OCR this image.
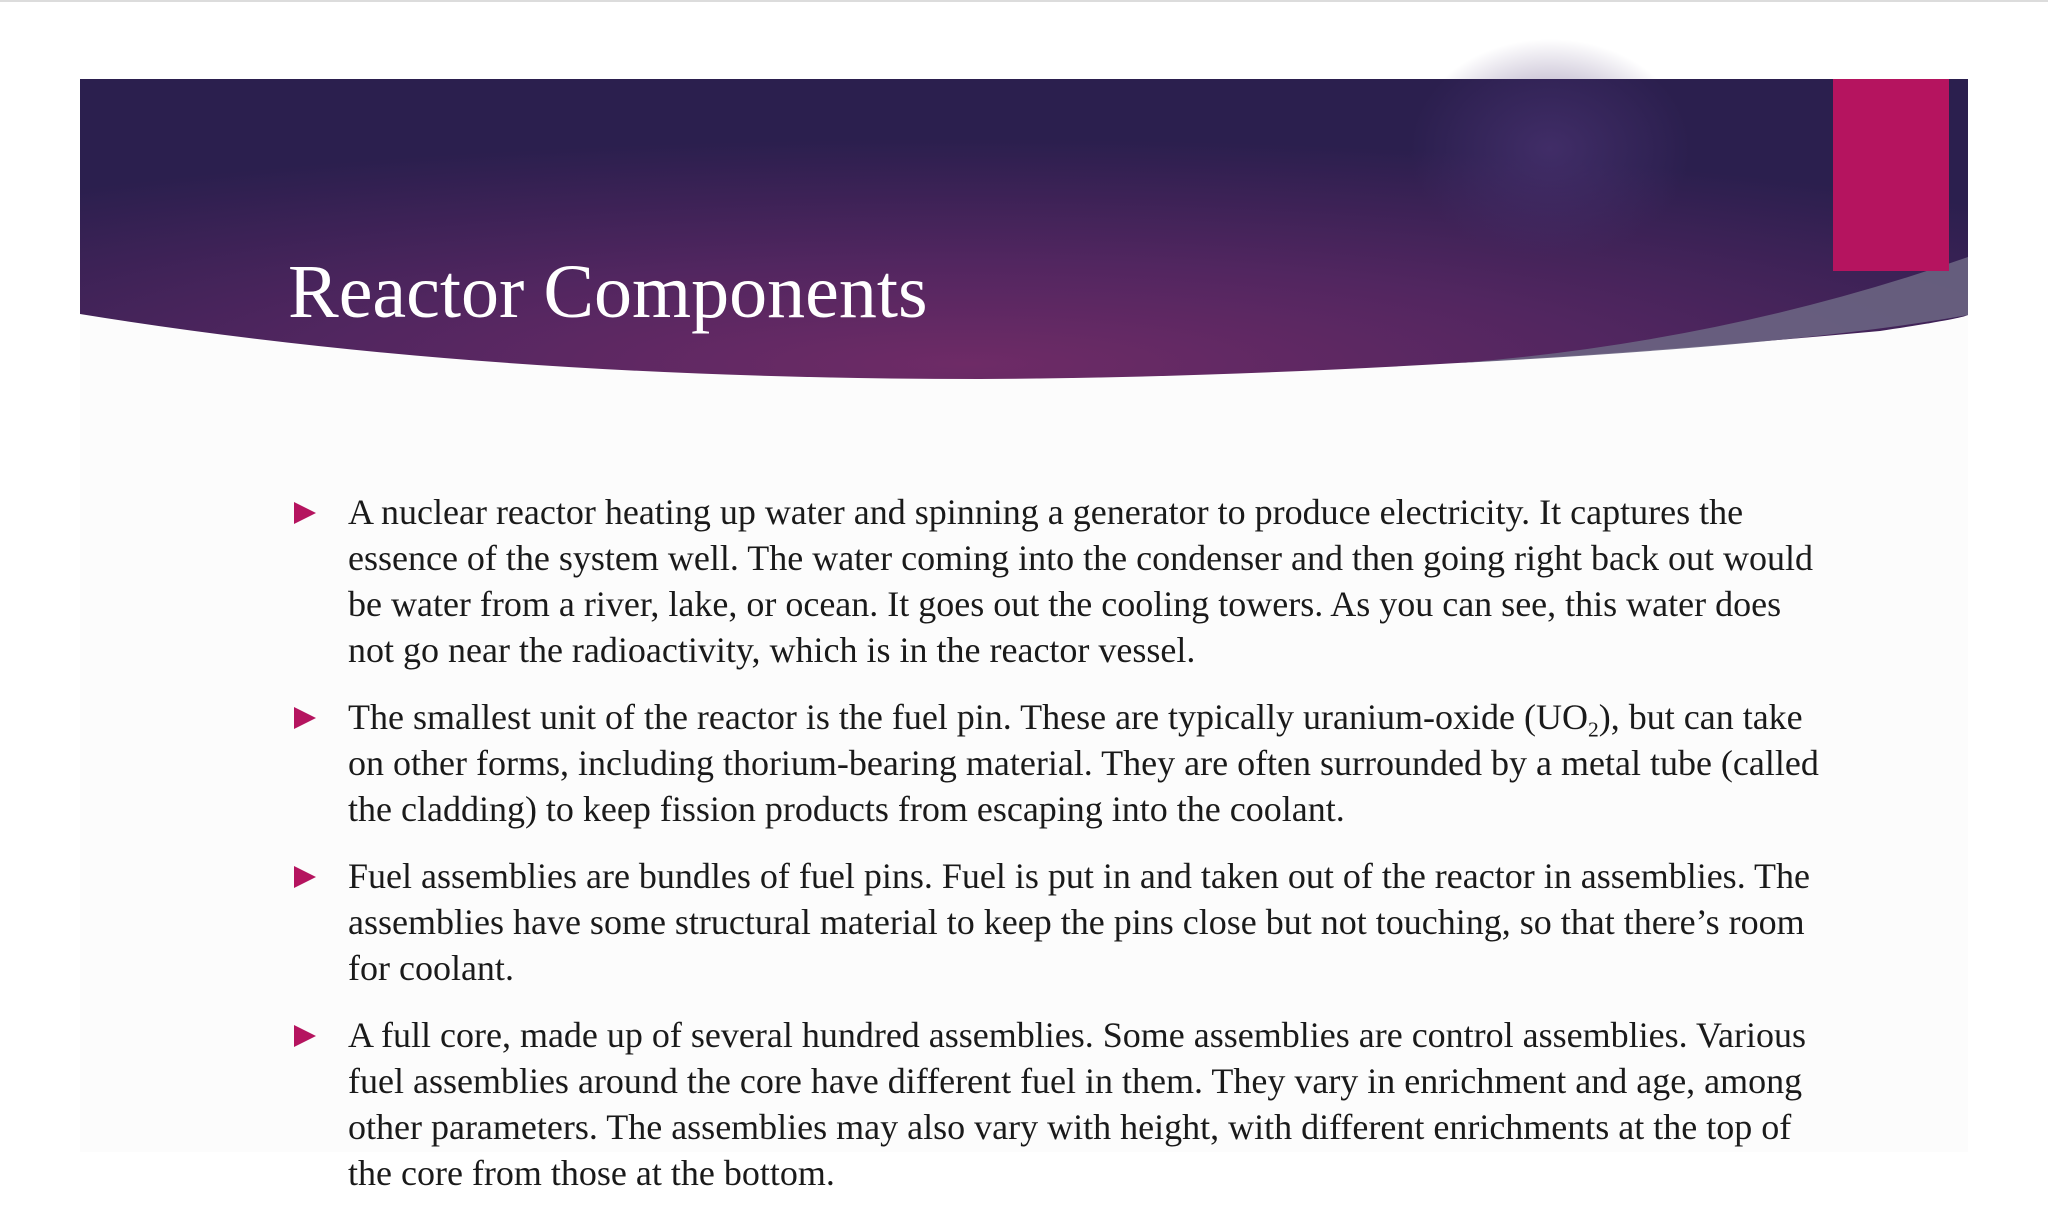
Reactor Components
A nuclear reactor heating up water and spinning a generator to produce electricity. It captures the essence of the system well. The water coming into the condenser and then going right back out would be water from a river, lake, or ocean. It goes out the cooling towers. As you can see, this water does not go near the radioactivity, which is in the reactor vessel.
The smallest unit of the reactor is the fuel pin. These are typically uranium-oxide $(UO_2)$, but can take on other forms, including thorium-bearing material. They are often surrounded by a metal tube (called the cladding) to keep fission products from escaping into the coolant.
Fuel assemblies are bundles of fuel pins. Fuel is put in and taken out of the reactor in assemblies. The assemblies have some structural material to keep the pins close but not touching, so that there’s room for coolant.
A full core, made up of several hundred assemblies. Some assemblies are control assemblies. Various fuel assemblies around the core have different fuel in them. They vary in enrichment and age, among other parameters. The assemblies may also vary with height, with different enrichments at the top of the core from those at the bottom.
